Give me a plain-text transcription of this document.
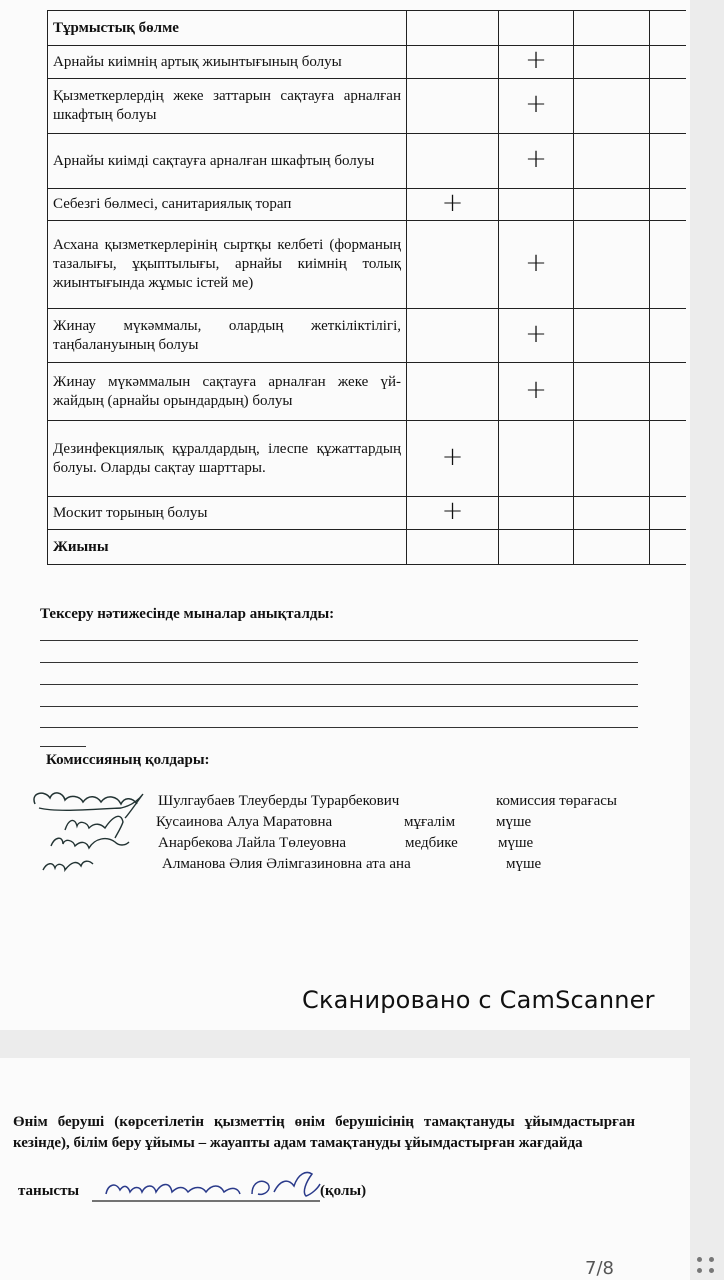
Тұрмыстық бөлме				
Арнайы киімнің артық жиынтығының болуы		+		
Қызметкерлердің жеке заттарын сақтауға арналған шкафтың болуы		+		
Арнайы киімді сақтауға арналған шкафтың болуы		+		
Себезгі бөлмесі, санитариялық торап	+			
Асхана қызметкерлерінің сыртқы келбеті (форманың тазалығы, ұқыптылығы, арнайы киімнің толық жиынтығында жұмыс істей ме)		+		
Жинау мүкәммалы, олардың жеткіліктілігі, таңбалануының болуы		+		
Жинау мүкәммалын сақтауға арналған жеке үй-жайдың (арнайы орындардың) болуы		+		
Дезинфекциялық құралдардың, ілеспе құжаттардың болуы. Оларды сақтау шарттары.	+			
Москит торының болуы	+			
Жиыны				
Тексеру нәтижесінде мыналар анықталды:
Комиссияның қолдары:
Шулгаубаев Тлеуберды Турарбекович	комиссия төрағасы
Кусаинова Алуа Маратовна	мұғалім	мүше
Анарбекова Лайла Төлеуовна	медбике	мүше
Алманова Әлия Әлімгазиновна ата ана	мүше
Сканировано с CamScanner
Өнім беруші (көрсетілетін қызметтің өнім берушісінің тамақтануды ұйымдастырған кезінде), білім беру ұйымы – жауапты адам тамақтануды ұйымдастырған жағдайда
танысты	(қолы)
7/8
